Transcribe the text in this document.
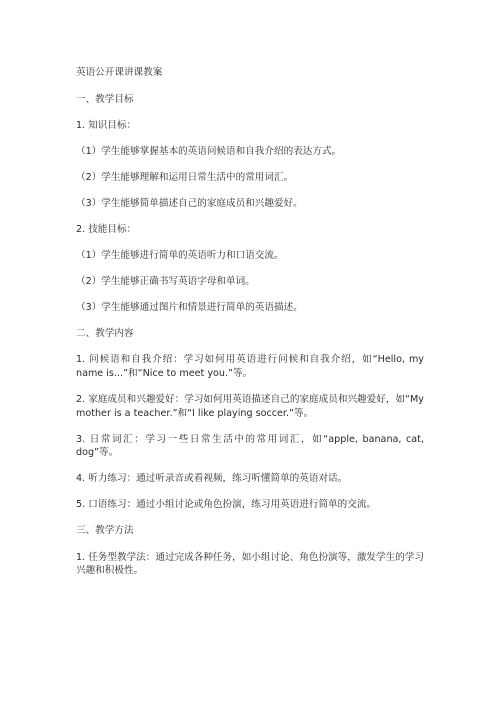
英语公开课讲课教案
一、教学目标
1. 知识目标：
（1）学生能够掌握基本的英语问候语和自我介绍的表达方式。
（2）学生能够理解和运用日常生活中的常用词汇。
（3）学生能够简单描述自己的家庭成员和兴趣爱好。
2. 技能目标：
（1）学生能够进行简单的英语听力和口语交流。
（2）学生能够正确书写英语字母和单词。
（3）学生能够通过图片和情景进行简单的英语描述。
二、教学内容
1. 问候语和自我介绍：学习如何用英语进行问候和自我介绍，如“Hello, my name is...”和“Nice to meet you.”等。
2. 家庭成员和兴趣爱好：学习如何用英语描述自己的家庭成员和兴趣爱好，如“My mother is a teacher.”和“I like playing soccer.”等。
3. 日常词汇：学习一些日常生活中的常用词汇，如“apple, banana, cat, dog”等。
4. 听力练习：通过听录音或看视频，练习听懂简单的英语对话。
5. 口语练习：通过小组讨论或角色扮演，练习用英语进行简单的交流。
三、教学方法
1. 任务型教学法：通过完成各种任务，如小组讨论、角色扮演等，激发学生的学习兴趣和积极性。
